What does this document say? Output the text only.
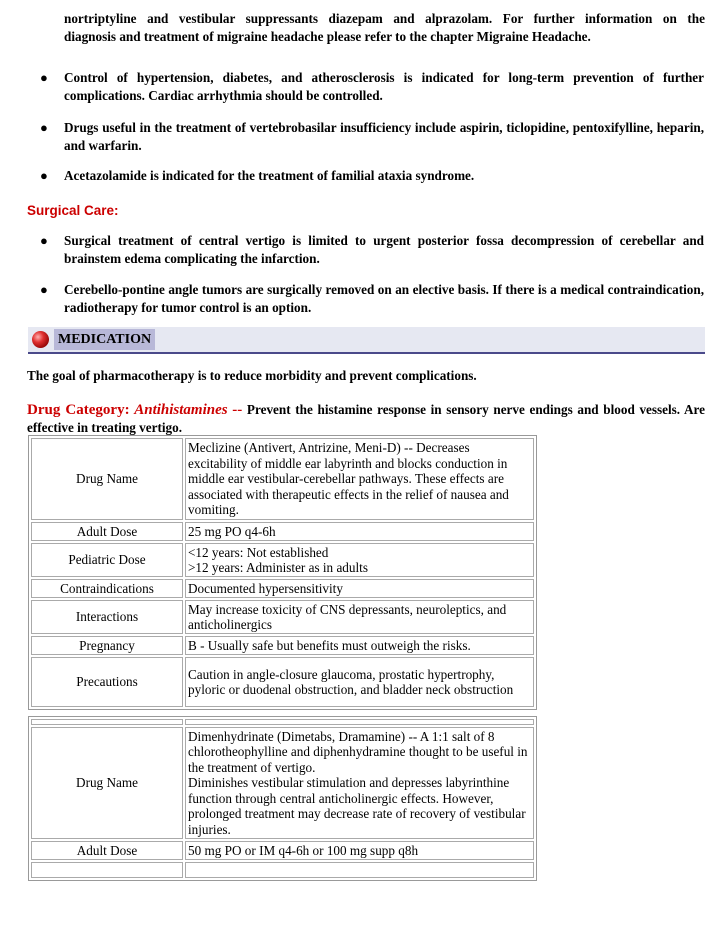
nortriptyline and vestibular suppressants diazepam and alprazolam. For further information on the
diagnosis and treatment of migraine headache please refer to the chapter Migraine Headache.
●	Control of hypertension, diabetes, and atherosclerosis is indicated for long-term prevention of further complications. Cardiac arrhythmia should be controlled.
●	Drugs useful in the treatment of vertebrobasilar insufficiency include aspirin, ticlopidine, pentoxifylline, heparin, and warfarin.
●	Acetazolamide is indicated for the treatment of familial ataxia syndrome.
Surgical Care:
●	Surgical treatment of central vertigo is limited to urgent posterior fossa decompression of cerebellar and brainstem edema complicating the infarction.
●	Cerebello-pontine angle tumors are surgically removed on an elective basis. If there is a medical contraindication, radiotherapy for tumor control is an option.
MEDICATION
The goal of pharmacotherapy is to reduce morbidity and prevent complications.
Drug Category: Antihistamines -- Prevent the histamine response in sensory nerve endings and blood vessels. Are effective in treating vertigo.
Drug Name	Meclizine (Antivert, Antrizine, Meni-D) -- Decreases excitability of middle ear labyrinth and blocks conduction in middle ear vestibular-cerebellar pathways. These effects are associated with therapeutic effects in the relief of nausea and vomiting.
Adult Dose	25 mg PO q4-6h
Pediatric Dose	<12 years: Not established
>12 years: Administer as in adults

Contraindications	Documented hypersensitivity
Interactions	May increase toxicity of CNS depressants, neuroleptics, and anticholinergics
Pregnancy	B - Usually safe but benefits must outweigh the risks.
Precautions	Caution in angle-closure glaucoma, prostatic hypertrophy, pyloric or duodenal obstruction, and bladder neck obstruction

Drug Name	Dimenhydrinate (Dimetabs, Dramamine) -- A 1:1 salt of 8 chlorotheophylline and diphenhydramine thought to be useful in the treatment of vertigo.
Diminishes vestibular stimulation and depresses labyrinthine function through central anticholinergic effects. However, prolonged treatment may decrease rate of recovery of vestibular injuries.

Adult Dose	50 mg PO or IM q4-6h or 100 mg supp q8h
